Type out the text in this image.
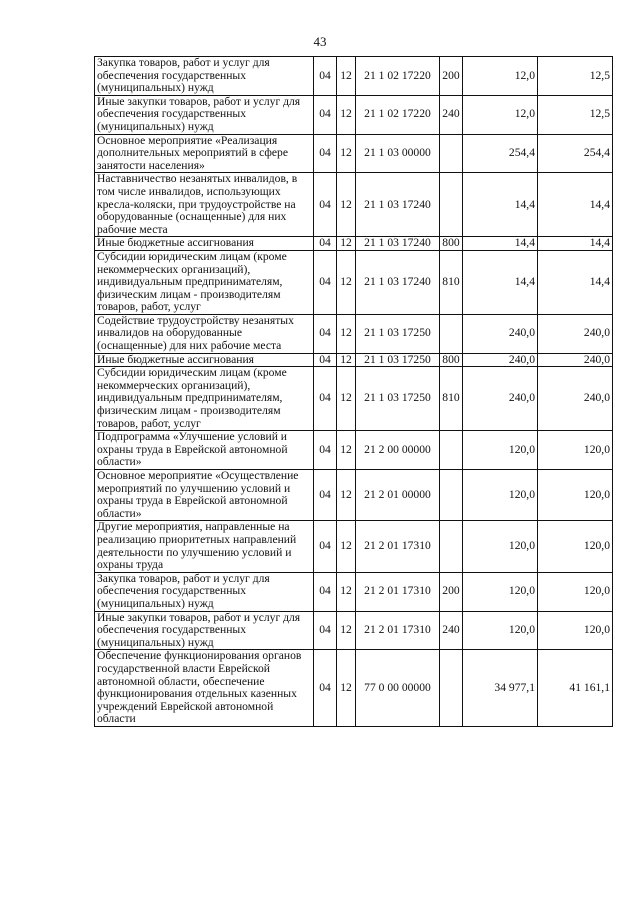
43
Закупка товаров, работ и услуг для обеспечения государственных (муниципальных) нужд	04	12	21 1 02 17220	200	12,0	12,5
Иные закупки товаров, работ и услуг для обеспечения государственных (муниципальных) нужд	04	12	21 1 02 17220	240	12,0	12,5
Основное мероприятие «Реализация дополнительных мероприятий в сфере занятости населения»	04	12	21 1 03 00000		254,4	254,4
Наставничество незанятых инвалидов, в том числе инвалидов, использующих кресла-коляски, при трудоустройстве на оборудованные (оснащенные) для них рабочие места	04	12	21 1 03 17240		14,4	14,4
Иные бюджетные ассигнования	04	12	21 1 03 17240	800	14,4	14,4
Субсидии юридическим лицам (кроме некоммерческих организаций), индивидуальным предпринимателям, физическим лицам - производителям товаров, работ, услуг	04	12	21 1 03 17240	810	14,4	14,4
Содействие трудоустройству незанятых инвалидов на оборудованные (оснащенные) для них рабочие места	04	12	21 1 03 17250		240,0	240,0
Иные бюджетные ассигнования	04	12	21 1 03 17250	800	240,0	240,0
Субсидии юридическим лицам (кроме некоммерческих организаций), индивидуальным предпринимателям, физическим лицам - производителям товаров, работ, услуг	04	12	21 1 03 17250	810	240,0	240,0
Подпрограмма «Улучшение условий и охраны труда в Еврейской автономной области»	04	12	21 2 00 00000		120,0	120,0
Основное мероприятие «Осуществление мероприятий по улучшению условий и охраны труда в Еврейской автономной области»	04	12	21 2 01 00000		120,0	120,0
Другие мероприятия, направленные на реализацию приоритетных направлений деятельности по улучшению условий и охраны труда	04	12	21 2 01 17310		120,0	120,0
Закупка товаров, работ и услуг для обеспечения государственных (муниципальных) нужд	04	12	21 2 01 17310	200	120,0	120,0
Иные закупки товаров, работ и услуг для обеспечения государственных (муниципальных) нужд	04	12	21 2 01 17310	240	120,0	120,0
Обеспечение функционирования органов государственной власти Еврейской автономной области, обеспечение функционирования отдельных казенных учреждений Еврейской автономной области	04	12	77 0 00 00000		34 977,1	41 161,1
